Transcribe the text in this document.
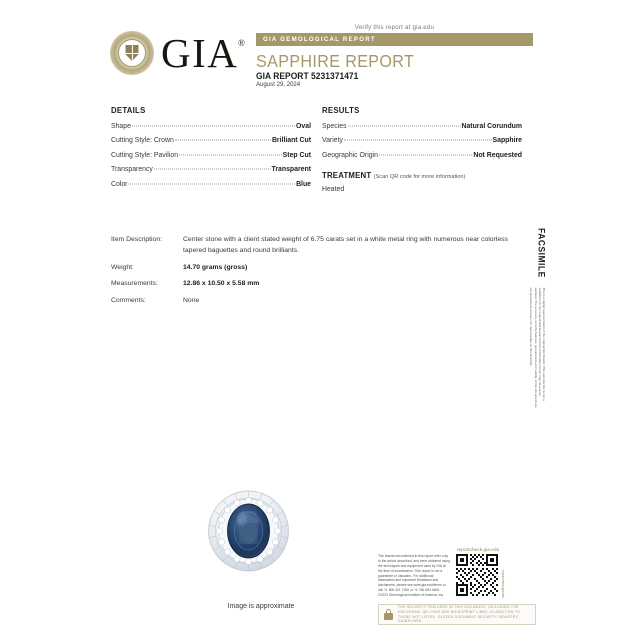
GIA ®
Verify this report at gia.edu
GIA GEMOLOGICAL REPORT
SAPPHIRE REPORT
GIA REPORT 5231371471
August 29, 2024
DETAILS
Shape	Oval
Cutting Style: Crown	Brilliant Cut
Cutting Style: Pavilion	Step Cut
Transparency	Transparent
Color	Blue
RESULTS
Species	Natural Corundum
Variety	Sapphire
Geographic Origin	Not Requested
TREATMENT (Scan QR code for more information)
Heated
Item Description:	Center stone with a client stated weight of 6.75 carats set in a white metal ring with numerous near colorless tapered baguettes and round brilliants.
Weight:	14.70 grams (gross)
Measurements:	12.86 x 10.50 x 5.58 mm
Comments:	None
FACSIMILE
This is a digital representation of the original GIA Report. This reproduction is not a substitute for the original GIA Report and the information herein may have been updated. The accuracy, security features, genuineness and validity of this document are not guaranteed and are not reproducible on this facsimile.
Image is approximate
The results documented in this report refer only to the article described, and were obtained using the techniques and equipment used by GIA at the time of examination. This report is not a guarantee or valuation. For additional information and important limitations and disclaimers, please see www.gia.edu/terms or call +1 800 421 7250 or +1 760 603 4500. ©2023 Gemological Institute of America, Inc.
reportcheck.gia.edu
reportcheck.gia.edu
THE SECURITY FEATURES IN THIS DOCUMENT, INCLUDING THE HOLOGRAM, QR CODE AND MICROPRINT LINES, IN ADDITION TO THOSE NOT LISTED, EXCEED DOCUMENT SECURITY INDUSTRY GUIDELINES.
